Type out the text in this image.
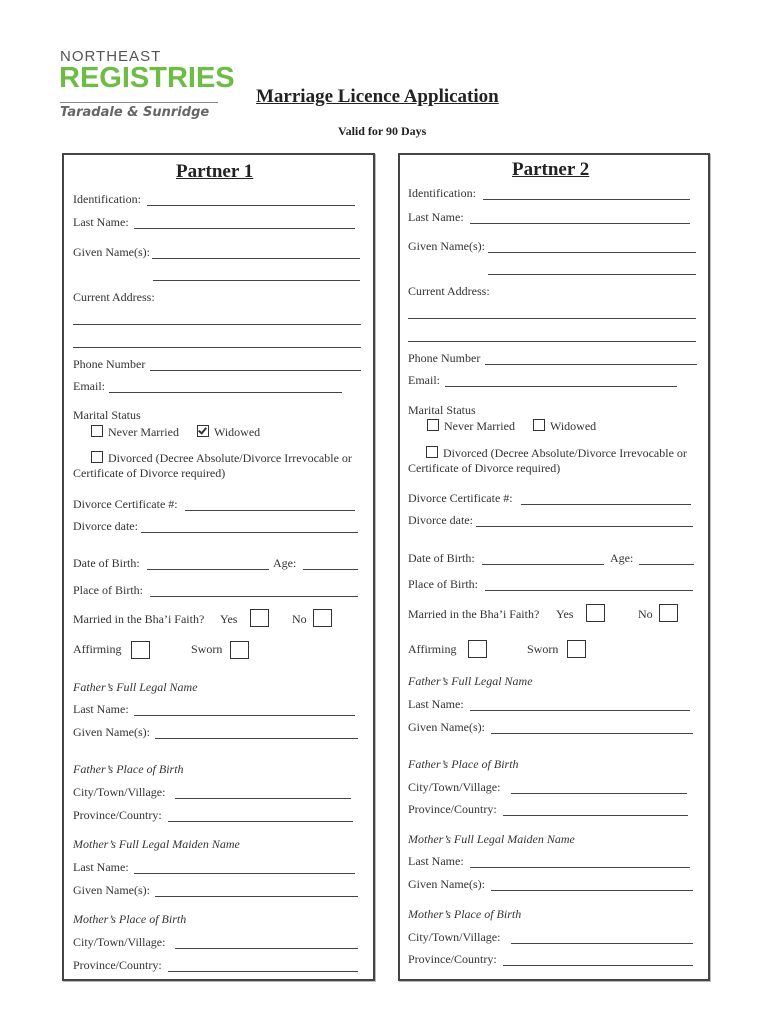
NORTHEAST
REGISTRIES
Taradale & Sunridge
Marriage Licence Application
Valid for 90 Days
Partner 1
Identification:
Last Name:
Given Name(s):
Current Address:
Phone Number
Email:
Marital Status
Never Married	Widowed
Divorced (Decree Absolute/Divorce Irrevocable or
Certificate of Divorce required)
Divorce Certificate #:
Divorce date:
Date of Birth:	Age:
Place of Birth:
Married in the Bha’i Faith? Yes	No
Affirming	Sworn
Father’s Full Legal Name
Last Name:
Given Name(s):
Father’s Place of Birth
City/Town/Village:
Province/Country:
Mother’s Full Legal Maiden Name
Last Name:
Given Name(s):
Mother’s Place of Birth
City/Town/Village:
Province/Country:
Partner 2
Identification:
Last Name:
Given Name(s):
Current Address:
Phone Number
Email:
Marital Status
Never Married	Widowed
Divorced (Decree Absolute/Divorce Irrevocable or
Certificate of Divorce required)
Divorce Certificate #:
Divorce date:
Date of Birth:	Age:
Place of Birth:
Married in the Bha’i Faith? Yes	No
Affirming	Sworn
Father’s Full Legal Name
Last Name:
Given Name(s):
Father’s Place of Birth
City/Town/Village:
Province/Country:
Mother’s Full Legal Maiden Name
Last Name:
Given Name(s):
Mother’s Place of Birth
City/Town/Village:
Province/Country:
